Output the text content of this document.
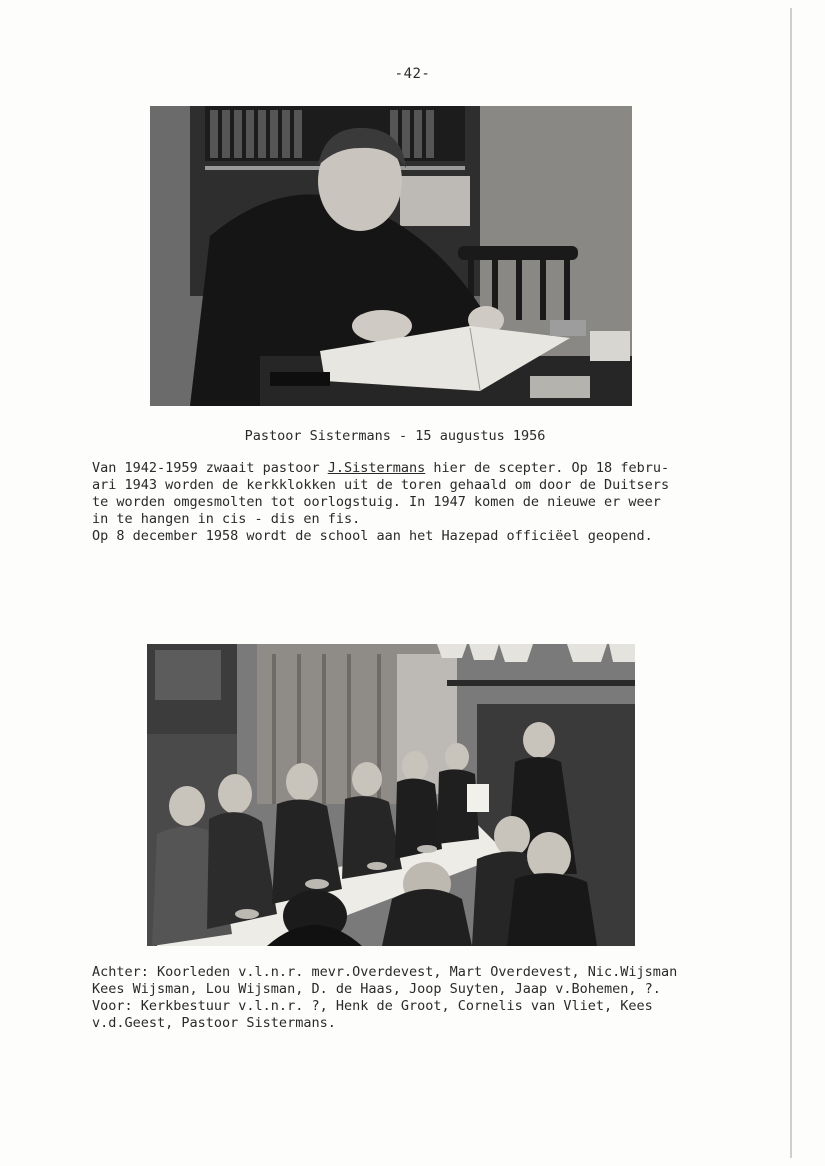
-42-
Pastoor Sistermans - 15 augustus 1956
Van 1942-1959 zwaait pastoor J.Sistermans hier de scepter. Op 18 febru-
ari 1943 worden de kerkklokken uit de toren gehaald om door de Duitsers
te worden omgesmolten tot oorlogstuig. In 1947 komen de nieuwe er weer
in te hangen in cis - dis en fis.
Op 8 december 1958 wordt de school aan het Hazepad officiëel geopend.
Achter: Koorleden v.l.n.r. mevr.Overdevest, Mart Overdevest, Nic.Wijsman
Kees Wijsman, Lou Wijsman, D. de Haas, Joop Suyten, Jaap v.Bohemen, ?.
Voor: Kerkbestuur v.l.n.r. ?, Henk de Groot, Cornelis van Vliet, Kees
v.d.Geest, Pastoor Sistermans.
